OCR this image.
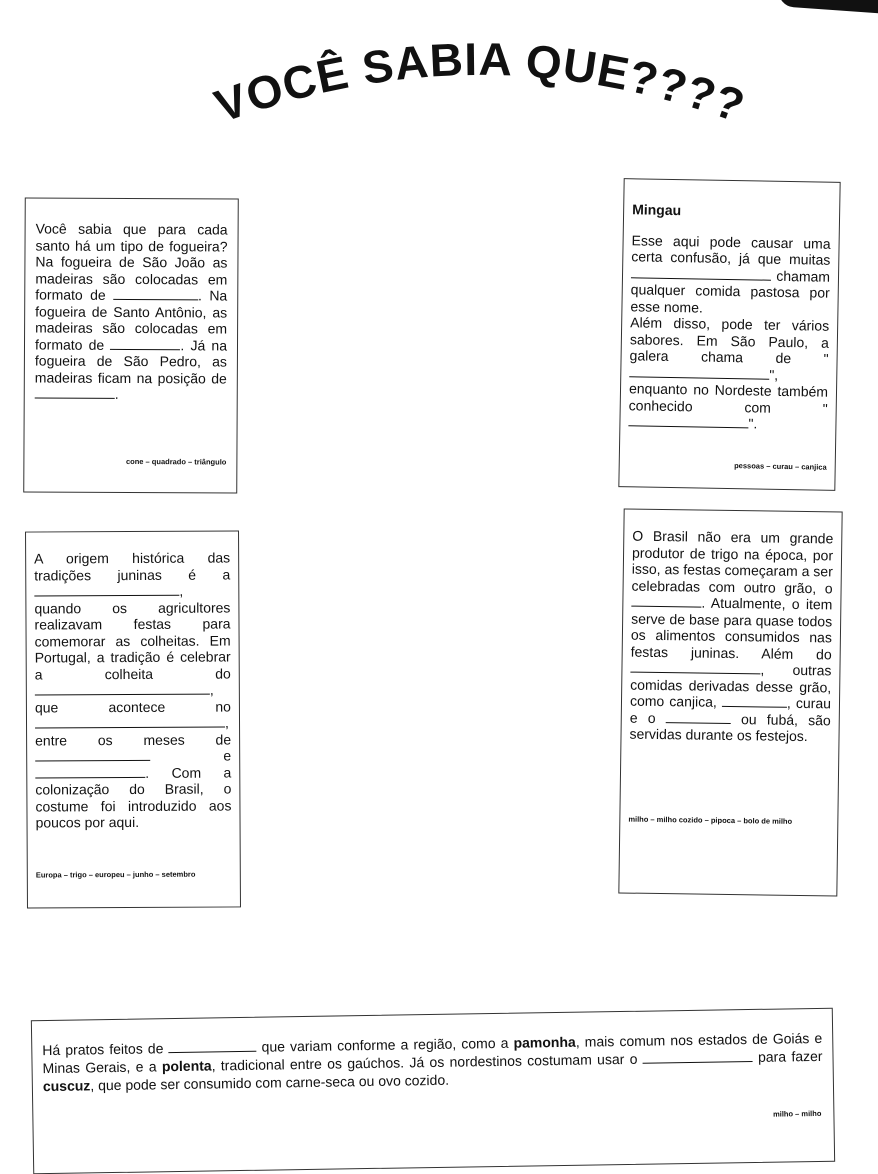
VOCÊ SABIA QUE????

Você sabia que para cada santo há um tipo de fogueira? Na fogueira de São João as madeiras são colocadas em formato de	. Na fogueira de Santo Antônio, as madeiras são colocadas em formato de	. Já na fogueira de São Pedro, as madeiras ficam na posição de .

cone – quadrado – triângulo

Mingau

Esse aqui pode causar uma certa confusão, já que muitas  chamam qualquer comida pastosa por esse nome.

Além disso, pode ter vários sabores. Em São Paulo, a galera chama de "", enquanto no Nordeste também conhecido com	"".

pessoas – curau – canjica

A origem histórica das tradições juninas é a , quando os agricultores realizavam festas para comemorar as colheitas. Em Portugal, a tradição é celebrar a colheita do , que acontece no , entre os meses de  e . Com a colonização do Brasil, o costume foi introduzido aos poucos por aqui.

Europa – trigo – europeu – junho – setembro

O Brasil não era um grande produtor de trigo na época, por isso, as festas começaram a ser celebradas com outro grão, o . Atualmente, o item serve de base para quase todos os alimentos consumidos nas festas juninas. Além do , outras comidas derivadas desse grão, como canjica,	, curau e o	ou fubá, são servidas durante os festejos.

milho – milho cozido – pipoca – bolo de milho

Há pratos feitos de	que variam conforme a região, como a pamonha, mais comum nos estados de Goiás e Minas Gerais, e a polenta, tradicional entre os gaúchos. Já os nordestinos costumam usar o	para fazer cuscuz, que pode ser consumido com carne-seca ou ovo cozido.

milho – milho
